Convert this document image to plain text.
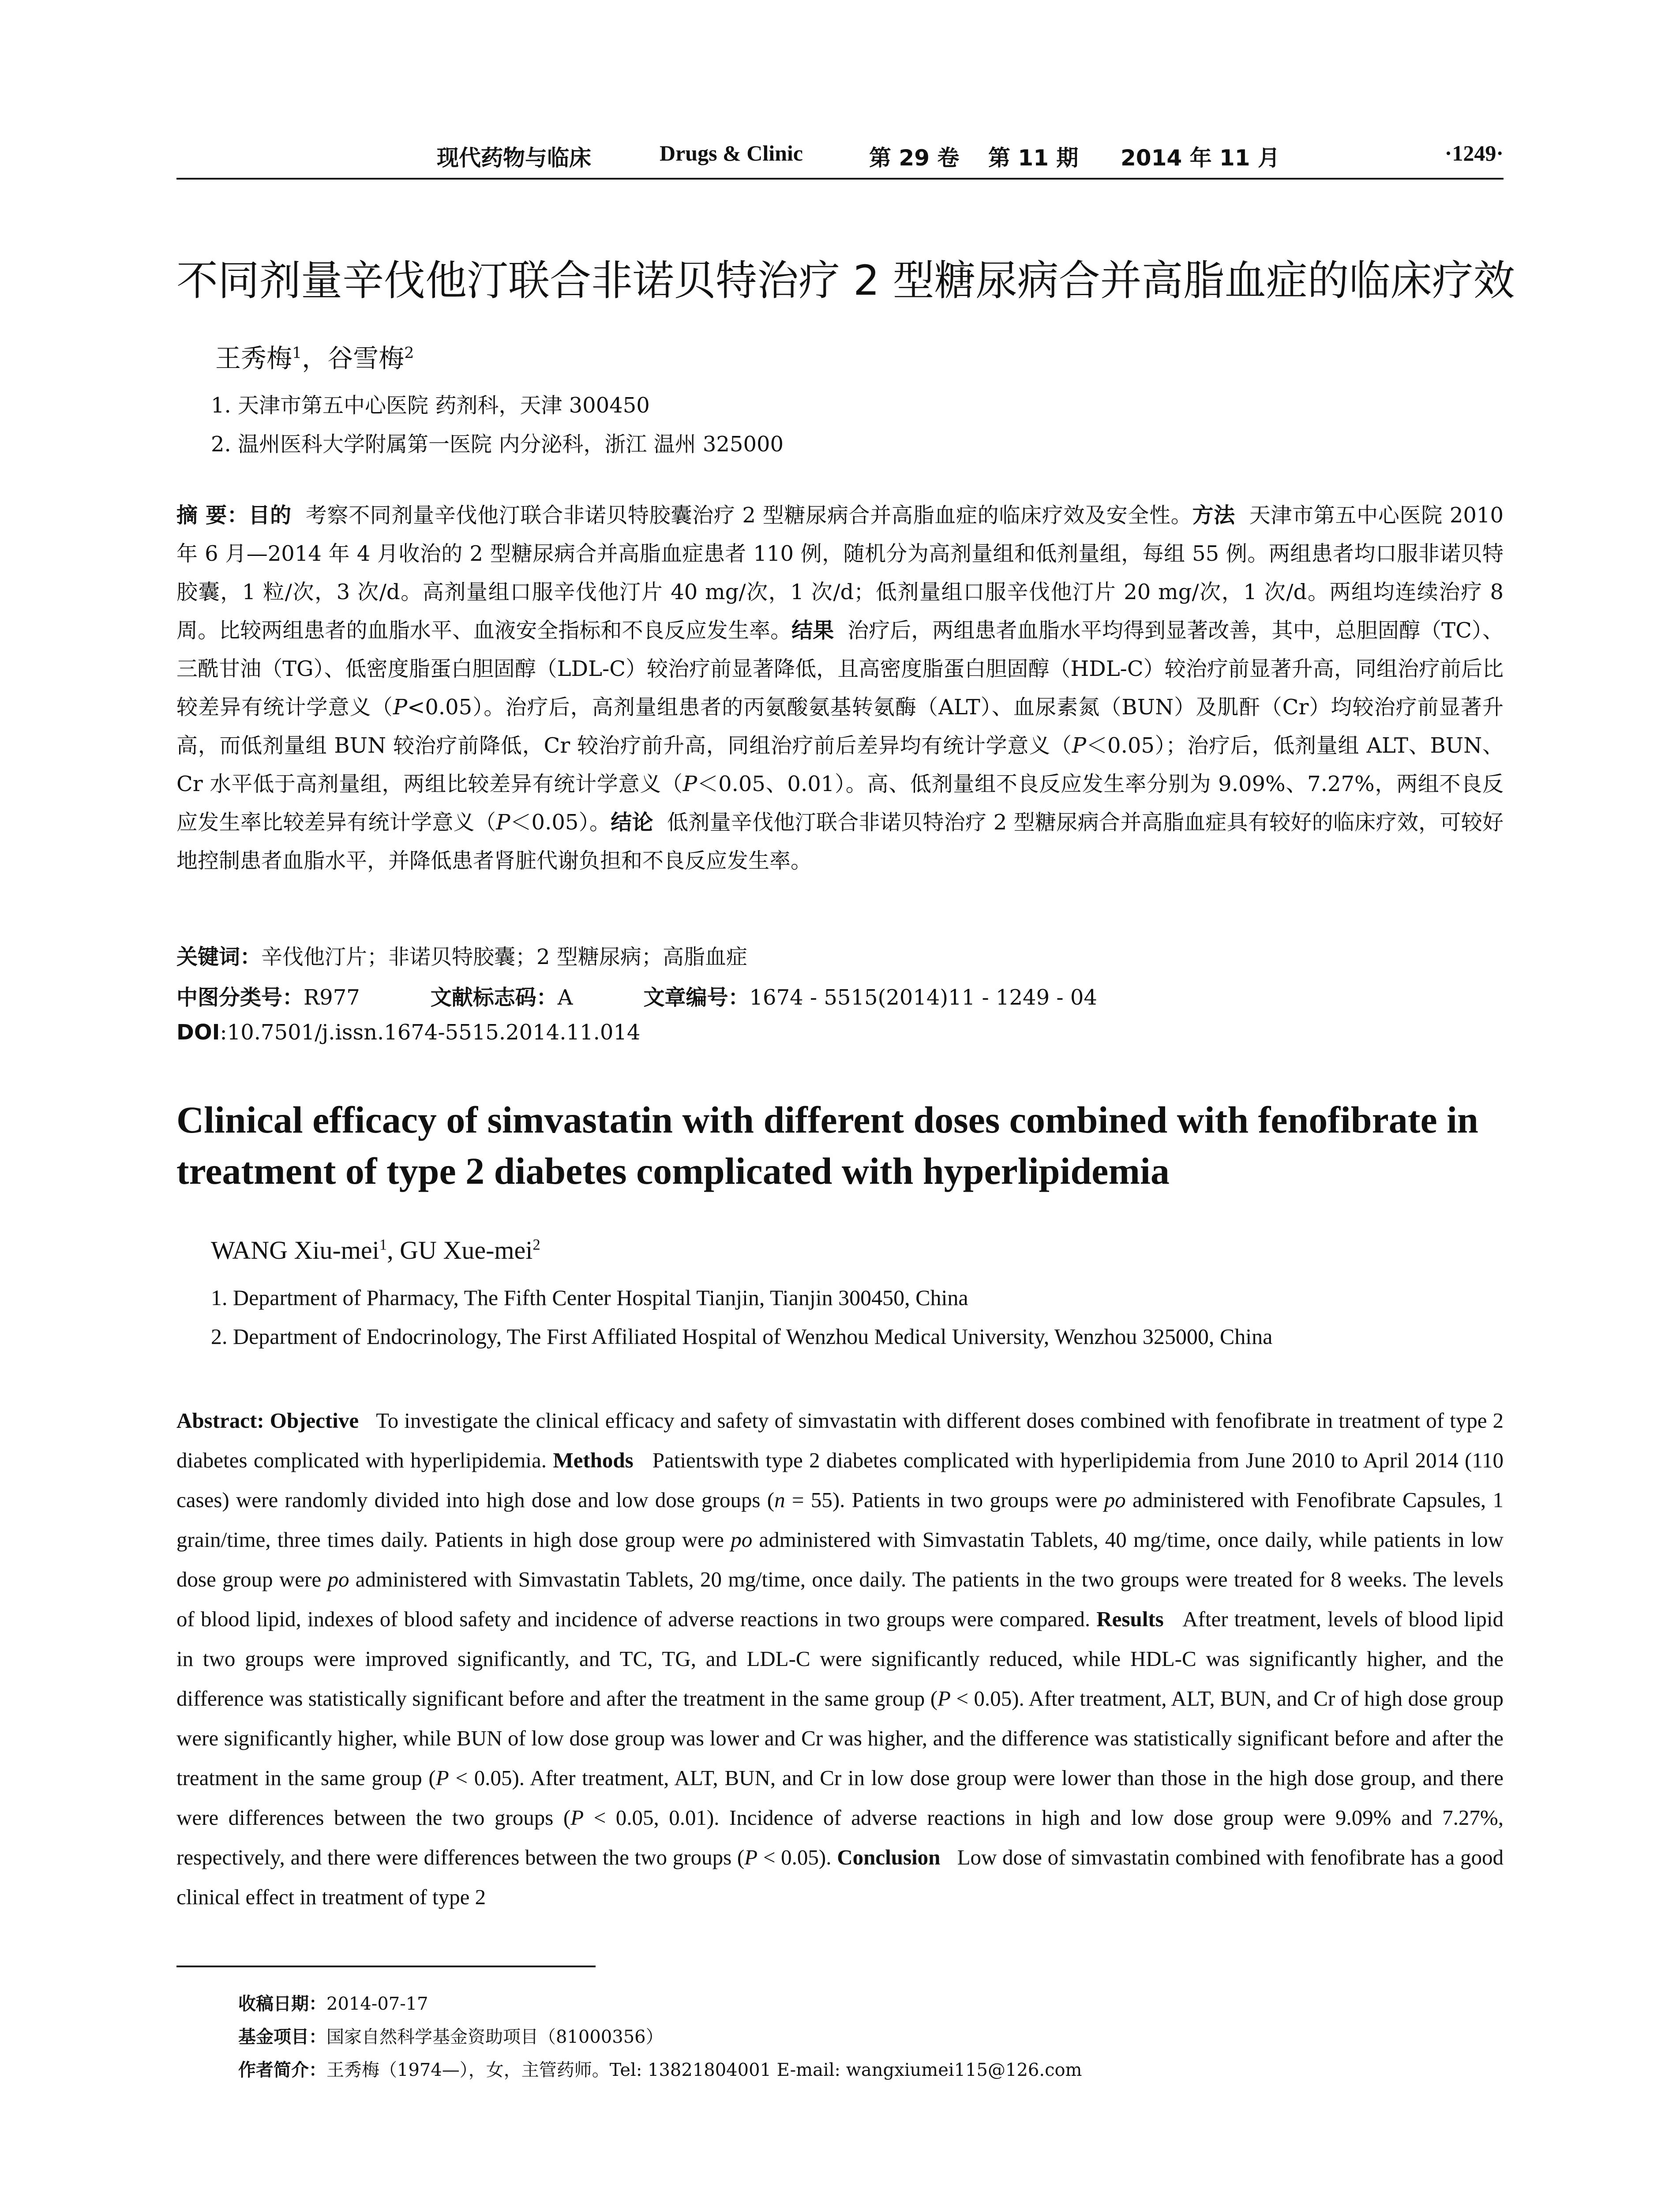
现代药物与临床	Drugs & Clinic	第 29 卷 第 11 期 2014 年 11 月	·1249·
不同剂量辛伐他汀联合非诺贝特治疗 2 型糖尿病合并高脂血症的临床疗效
王秀梅$^1$，谷雪梅$^2$
1. 天津市第五中心医院 药剂科，天津 300450
2. 温州医科大学附属第一医院 内分泌科，浙江 温州 325000
摘 要：目的 考察不同剂量辛伐他汀联合非诺贝特胶囊治疗 2 型糖尿病合并高脂血症的临床疗效及安全性。方法 天津市第五中心医院 2010 年 6 月—2014 年 4 月收治的 2 型糖尿病合并高脂血症患者 110 例，随机分为高剂量组和低剂量组，每组 55 例。两组患者均口服非诺贝特胶囊，1 粒/次，3 次/d。高剂量组口服辛伐他汀片 40 mg/次，1 次/d；低剂量组口服辛伐他汀片 20 mg/次，1 次/d。两组均连续治疗 8 周。比较两组患者的血脂水平、血液安全指标和不良反应发生率。结果 治疗后，两组患者血脂水平均得到显著改善，其中，总胆固醇（TC）、三酰甘油（TG）、低密度脂蛋白胆固醇（LDL-C）较治疗前显著降低，且高密度脂蛋白胆固醇（HDL-C）较治疗前显著升高，同组治疗前后比较差异有统计学意义（P<0.05）。治疗后，高剂量组患者的丙氨酸氨基转氨酶（ALT）、血尿素氮（BUN）及肌酐（Cr）均较治疗前显著升高，而低剂量组 BUN 较治疗前降低，Cr 较治疗前升高，同组治疗前后差异均有统计学意义（P＜0.05）；治疗后，低剂量组 ALT、BUN、Cr 水平低于高剂量组，两组比较差异有统计学意义（P＜0.05、0.01）。高、低剂量组不良反应发生率分别为 9.09%、7.27%，两组不良反应发生率比较差异有统计学意义（P＜0.05）。结论 低剂量辛伐他汀联合非诺贝特治疗 2 型糖尿病合并高脂血症具有较好的临床疗效，可较好地控制患者血脂水平，并降低患者肾脏代谢负担和不良反应发生率。
关键词：辛伐他汀片；非诺贝特胶囊；2 型糖尿病；高脂血症
中图分类号：R977	文献标志码：A	文章编号：1674 - 5515(2014)11 - 1249 - 04
DOI:10.7501/j.issn.1674-5515.2014.11.014
Clinical efficacy of simvastatin with different doses combined with fenofibrate in treatment of type 2 diabetes complicated with hyperlipidemia
WANG Xiu-mei$^1$, GU Xue-mei$^2$
1. Department of Pharmacy, The Fifth Center Hospital Tianjin, Tianjin 300450, China
2. Department of Endocrinology, The First Affiliated Hospital of Wenzhou Medical University, Wenzhou 325000, China
Abstract: Objective To investigate the clinical efficacy and safety of simvastatin with different doses combined with fenofibrate in treatment of type 2 diabetes complicated with hyperlipidemia. Methods Patientswith type 2 diabetes complicated with hyperlipidemia from June 2010 to April 2014 (110 cases) were randomly divided into high dose and low dose groups (n = 55). Patients in two groups were po administered with Fenofibrate Capsules, 1 grain/time, three times daily. Patients in high dose group were po administered with Simvastatin Tablets, 40 mg/time, once daily, while patients in low dose group were po administered with Simvastatin Tablets, 20 mg/time, once daily. The patients in the two groups were treated for 8 weeks. The levels of blood lipid, indexes of blood safety and incidence of adverse reactions in two groups were compared. Results After treatment, levels of blood lipid in two groups were improved significantly, and TC, TG, and LDL-C were significantly reduced, while HDL-C was significantly higher, and the difference was statistically significant before and after the treatment in the same group (P < 0.05). After treatment, ALT, BUN, and Cr of high dose group were significantly higher, while BUN of low dose group was lower and Cr was higher, and the difference was statistically significant before and after the treatment in the same group (P < 0.05). After treatment, ALT, BUN, and Cr in low dose group were lower than those in the high dose group, and there were differences between the two groups (P < 0.05, 0.01). Incidence of adverse reactions in high and low dose group were 9.09% and 7.27%, respectively, and there were differences between the two groups (P < 0.05). Conclusion Low dose of simvastatin combined with fenofibrate has a good clinical effect in treatment of type 2
收稿日期：2014-07-17
基金项目：国家自然科学基金资助项目（81000356）
作者简介：王秀梅（1974—），女，主管药师。Tel: 13821804001 E-mail: wangxiumei115@126.com
